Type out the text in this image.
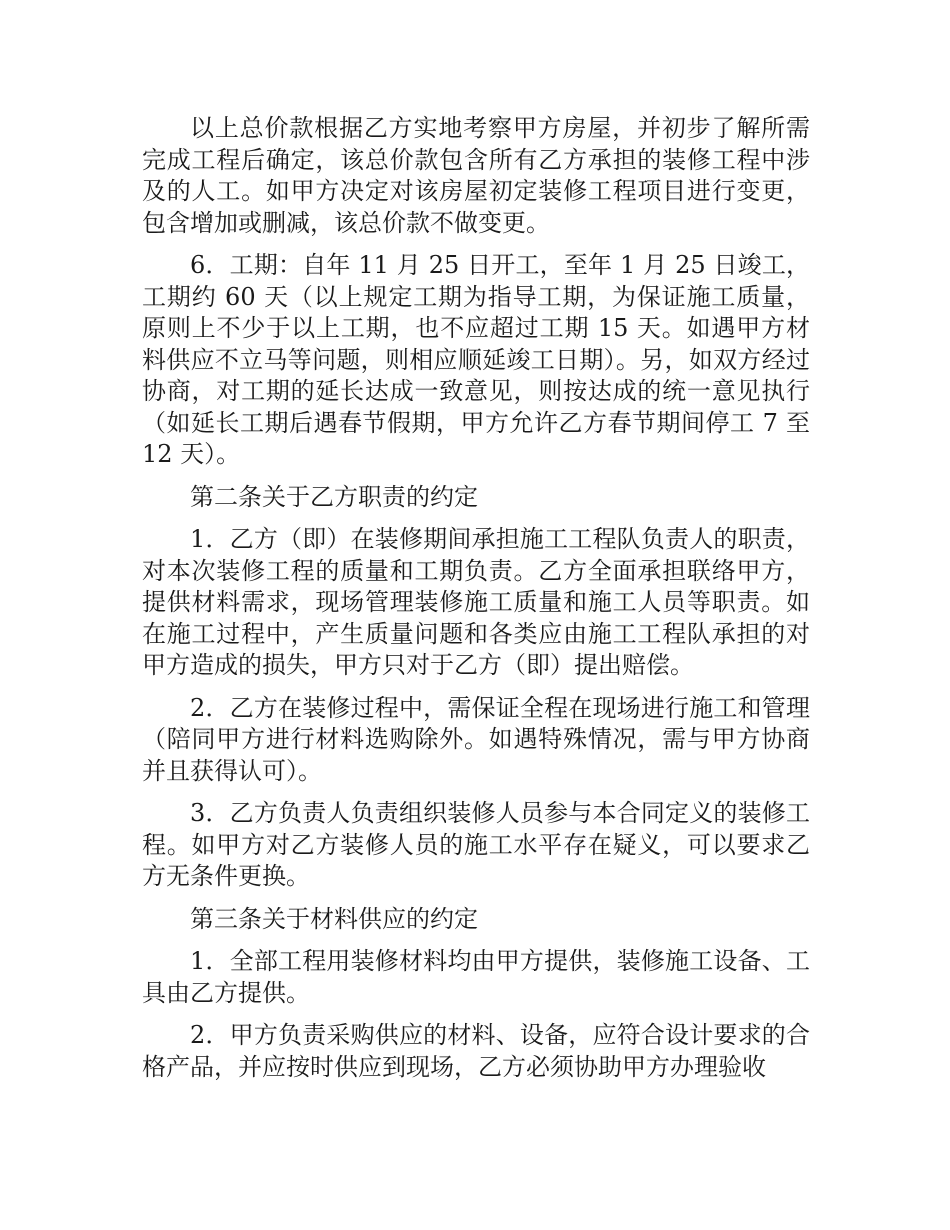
以上总价款根据乙方实地考察甲方房屋，并初步了解所需完成工程后确定，该总价款包含所有乙方承担的装修工程中涉及的人工。如甲方决定对该房屋初定装修工程项目进行变更，包含增加或删减，该总价款不做变更。

6．工期：自年 11 月 25 日开工，至年 1 月 25 日竣工，工期约 60 天（以上规定工期为指导工期，为保证施工质量，原则上不少于以上工期，也不应超过工期 15 天。如遇甲方材料供应不立马等问题，则相应顺延竣工日期）。另，如双方经过协商，对工期的延长达成一致意见，则按达成的统一意见执行（如延长工期后遇春节假期，甲方允许乙方春节期间停工 7 至 12 天）。

第二条关于乙方职责的约定

1．乙方（即）在装修期间承担施工工程队负责人的职责，对本次装修工程的质量和工期负责。乙方全面承担联络甲方，提供材料需求，现场管理装修施工质量和施工人员等职责。如在施工过程中，产生质量问题和各类应由施工工程队承担的对甲方造成的损失，甲方只对于乙方（即）提出赔偿。

2．乙方在装修过程中，需保证全程在现场进行施工和管理（陪同甲方进行材料选购除外。如遇特殊情况，需与甲方协商并且获得认可）。

3．乙方负责人负责组织装修人员参与本合同定义的装修工程。如甲方对乙方装修人员的施工水平存在疑义，可以要求乙方无条件更换。

第三条关于材料供应的约定

1．全部工程用装修材料均由甲方提供，装修施工设备、工具由乙方提供。

2．甲方负责采购供应的材料、设备，应符合设计要求的合格产品，并应按时供应到现场，乙方必须协助甲方办理验收
